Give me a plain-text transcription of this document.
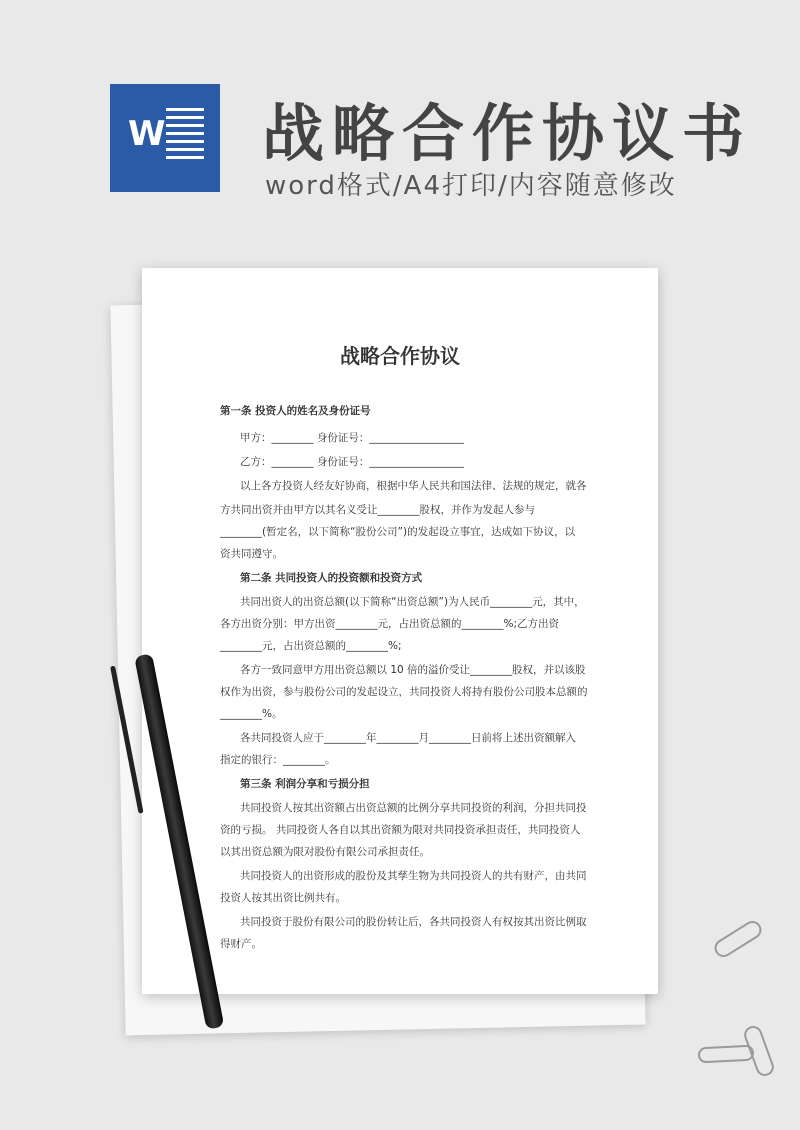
W 战略合作协议书
word格式/A4打印/内容随意修改
战略合作协议
第一条 投资人的姓名及身份证号
甲方：________ 身份证号：__________________
乙方：________ 身份证号：__________________
以上各方投资人经友好协商，根据中华人民共和国法律、法规的规定，就各
方共同出资并由甲方以其名义受让________股权，并作为发起人参与
________(暂定名，以下简称“股份公司”)的发起设立事宜，达成如下协议，以
资共同遵守。
第二条 共同投资人的投资额和投资方式
共同出资人的出资总额(以下简称“出资总额”)为人民币________元，其中，
各方出资分别：甲方出资________元，占出资总额的________%;乙方出资
________元，占出资总额的________%;
各方一致同意甲方用出资总额以 10 倍的溢价受让________股权，并以该股
权作为出资，参与股份公司的发起设立，共同投资人将持有股份公司股本总额的
________%。
各共同投资人应于________年________月________日前将上述出资额解入
指定的银行：________。
第三条 利润分享和亏损分担
共同投资人按其出资额占出资总额的比例分享共同投资的利润，分担共同投
资的亏损。 共同投资人各自以其出资额为限对共同投资承担责任，共同投资人
以其出资总额为限对股份有限公司承担责任。
共同投资人的出资形成的股份及其孳生物为共同投资人的共有财产，由共同
投资人按其出资比例共有。
共同投资于股份有限公司的股份转让后，各共同投资人有权按其出资比例取
得财产。
